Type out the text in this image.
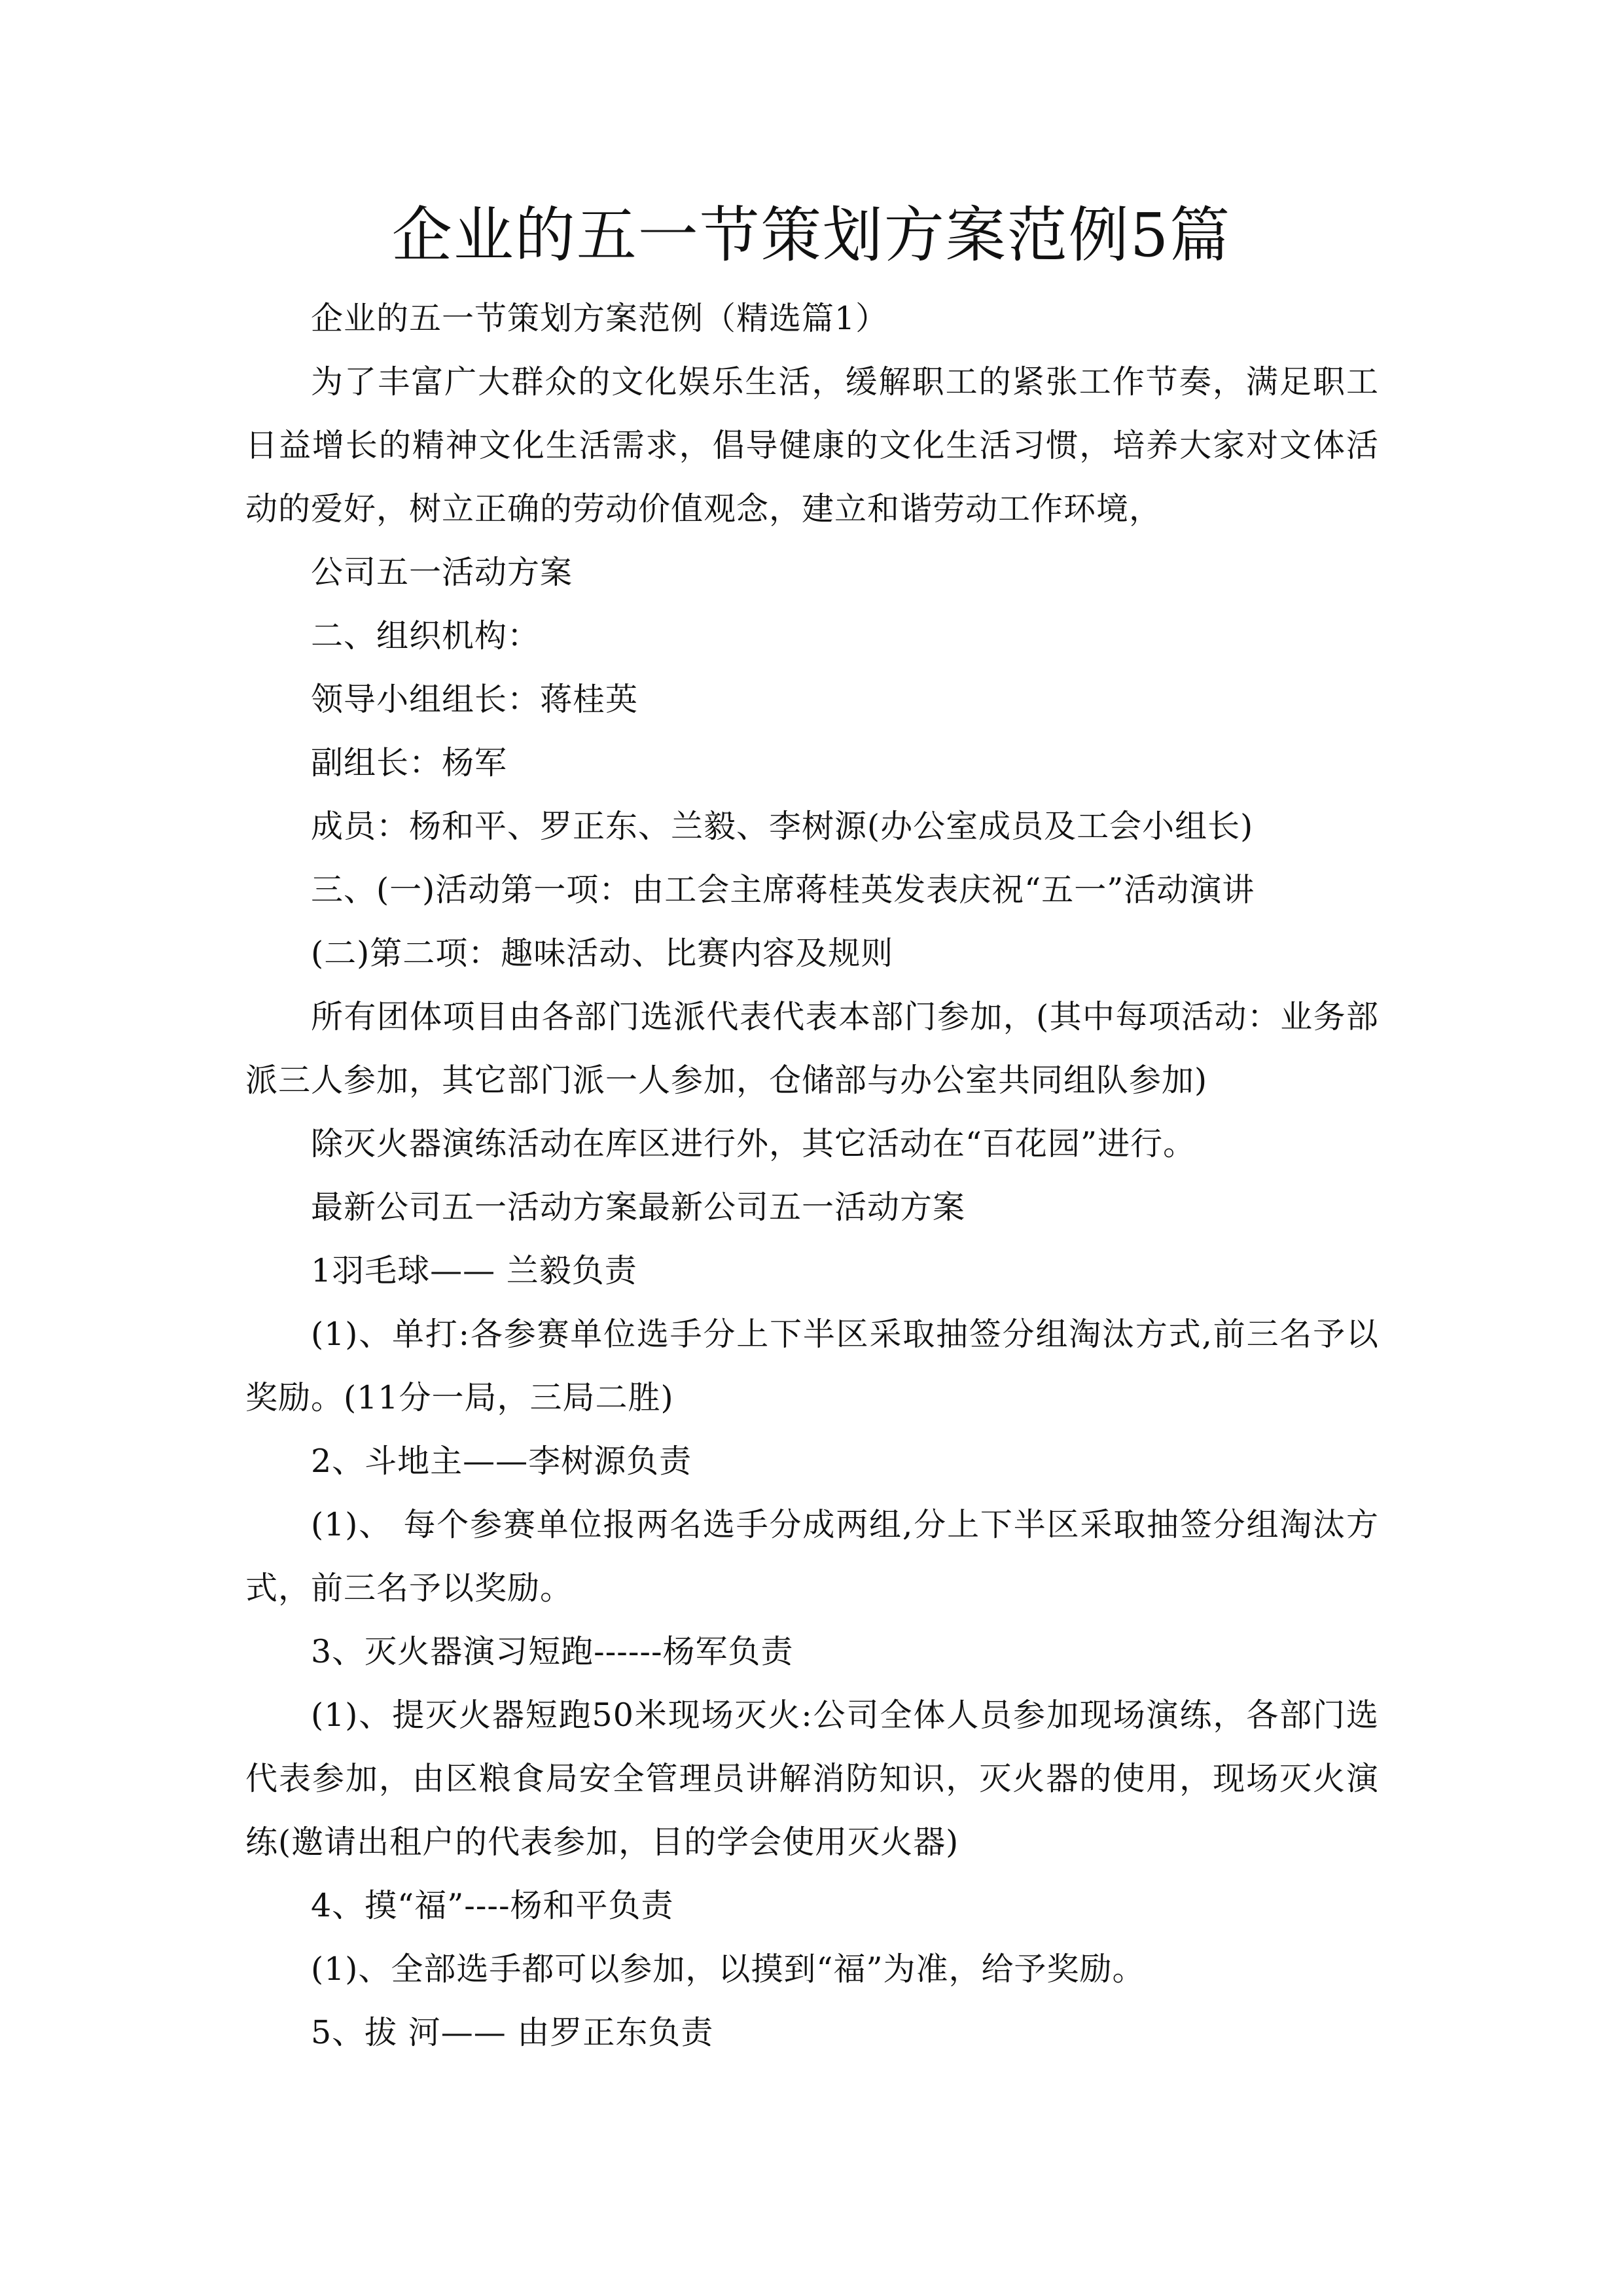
企业的五一节策划方案范例5篇

企业的五一节策划方案范例（精选篇1）

为了丰富广大群众的文化娱乐生活，缓解职工的紧张工作节奏，满足职工日益增长的精神文化生活需求，倡导健康的文化生活习惯，培养大家对文体活动的爱好，树立正确的劳动价值观念，建立和谐劳动工作环境，

公司五一活动方案

二、组织机构：

领导小组组长：蒋桂英

副组长：杨军

成员：杨和平、罗正东、兰毅、李树源(办公室成员及工会小组长)

三、(一)活动第一项：由工会主席蒋桂英发表庆祝“五一”活动演讲

(二)第二项：趣味活动、比赛内容及规则

所有团体项目由各部门选派代表代表本部门参加，(其中每项活动：业务部派三人参加，其它部门派一人参加，仓储部与办公室共同组队参加)

除灭火器演练活动在库区进行外，其它活动在“百花园”进行。

最新公司五一活动方案最新公司五一活动方案

1羽毛球—— 兰毅负责

(1)、单打:各参赛单位选手分上下半区采取抽签分组淘汰方式,前三名予以奖励。(11分一局，三局二胜)

2、斗地主——李树源负责

(1)、 每个参赛单位报两名选手分成两组,分上下半区采取抽签分组淘汰方式，前三名予以奖励。

3、灭火器演习短跑------杨军负责

(1)、提灭火器短跑50米现场灭火:公司全体人员参加现场演练，各部门选代表参加，由区粮食局安全管理员讲解消防知识，灭火器的使用，现场灭火演练(邀请出租户的代表参加，目的学会使用灭火器)

4、摸“福”----杨和平负责

(1)、全部选手都可以参加，以摸到“福”为准，给予奖励。

5、拔 河—— 由罗正东负责
